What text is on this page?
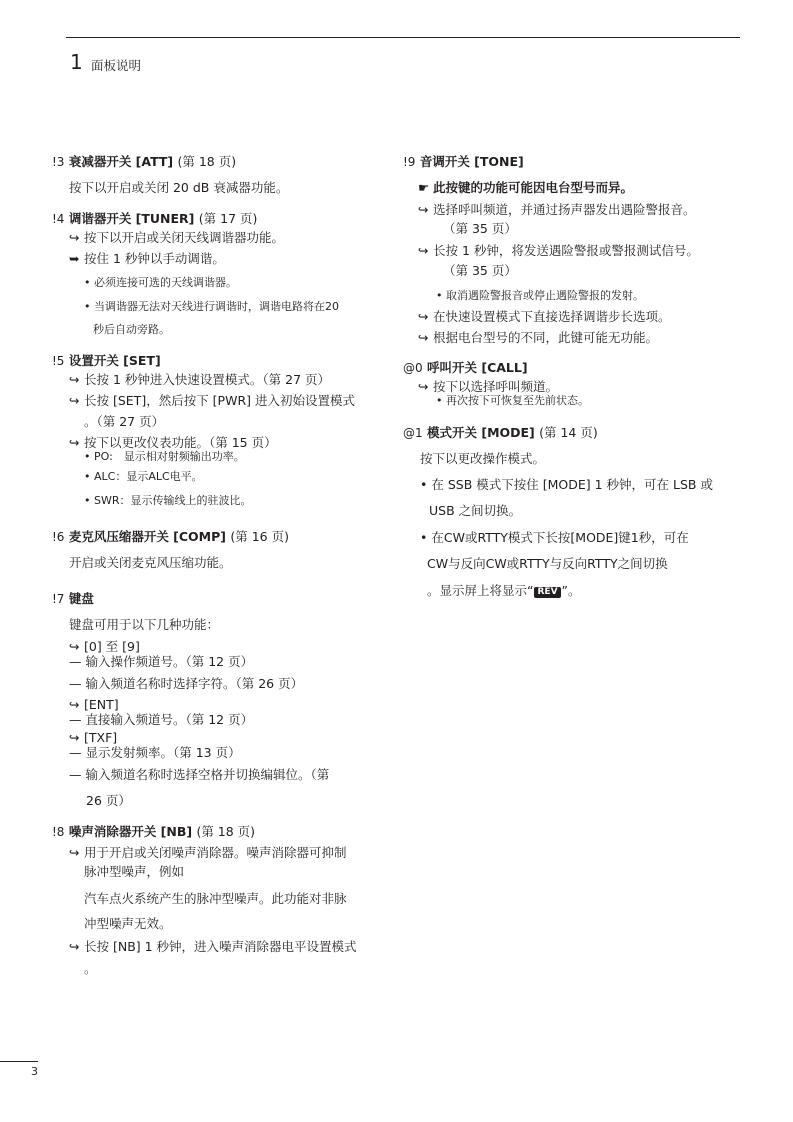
1 面板说明
!3 衰减器开关 [ATT] (第 18 页)
按下以开启或关闭 20 dB 衰减器功能。
!4 调谐器开关 [TUNER] (第 17 页)
↪ 按下以开启或关闭天线调谐器功能。
➥ 按住 1 秒钟以手动调谐。
• 必须连接可选的天线调谐器。
• 当调谐器无法对天线进行调谐时，调谐电路将在20
秒后自动旁路。
!5 设置开关 [SET]
↪ 长按 1 秒钟进入快速设置模式。（第 27 页）
↪ 长按 [SET]，然后按下 [PWR] 进入初始设置模式
。（第 27 页）
↪ 按下以更改仪表功能。（第 15 页）
• PO:　显示相对射频输出功率。
• ALC：显示ALC电平。
• SWR：显示传输线上的驻波比。
!6 麦克风压缩器开关 [COMP] (第 16 页)
开启或关闭麦克风压缩功能。
!7 键盘
键盘可用于以下几种功能：
↪ [0] 至 [9]
— 输入操作频道号。（第 12 页）
— 输入频道名称时选择字符。（第 26 页）
↪ [ENT]
— 直接输入频道号。（第 12 页）
↪ [TXF]
— 显示发射频率。（第 13 页）
— 输入频道名称时选择空格并切换编辑位。（第
26 页）
!8 噪声消除器开关 [NB] (第 18 页)
↪ 用于开启或关闭噪声消除器。噪声消除器可抑制
脉冲型噪声，例如
汽车点火系统产生的脉冲型噪声。此功能对非脉
冲型噪声无效。
↪ 长按 [NB] 1 秒钟，进入噪声消除器电平设置模式
。
!9 音调开关 [TONE]
☛ 此按键的功能可能因电台型号而异。
↪ 选择呼叫频道，并通过扬声器发出遇险警报音。
（第 35 页）
↪ 长按 1 秒钟，将发送遇险警报或警报测试信号。
（第 35 页）
• 取消遇险警报音或停止遇险警报的发射。
↪ 在快速设置模式下直接选择调谐步长选项。
↪ 根据电台型号的不同，此键可能无功能。
@0 呼叫开关 [CALL]
↪ 按下以选择呼叫频道。
• 再次按下可恢复至先前状态。
@1 模式开关 [MODE] (第 14 页)
按下以更改操作模式。
• 在 SSB 模式下按住 [MODE] 1 秒钟，可在 LSB 或
USB 之间切换。
• 在CW或RTTY模式下长按[MODE]键1秒，可在
CW与反向CW或RTTY与反向RTTY之间切换
。显示屏上将显示“ REV ”。
3
